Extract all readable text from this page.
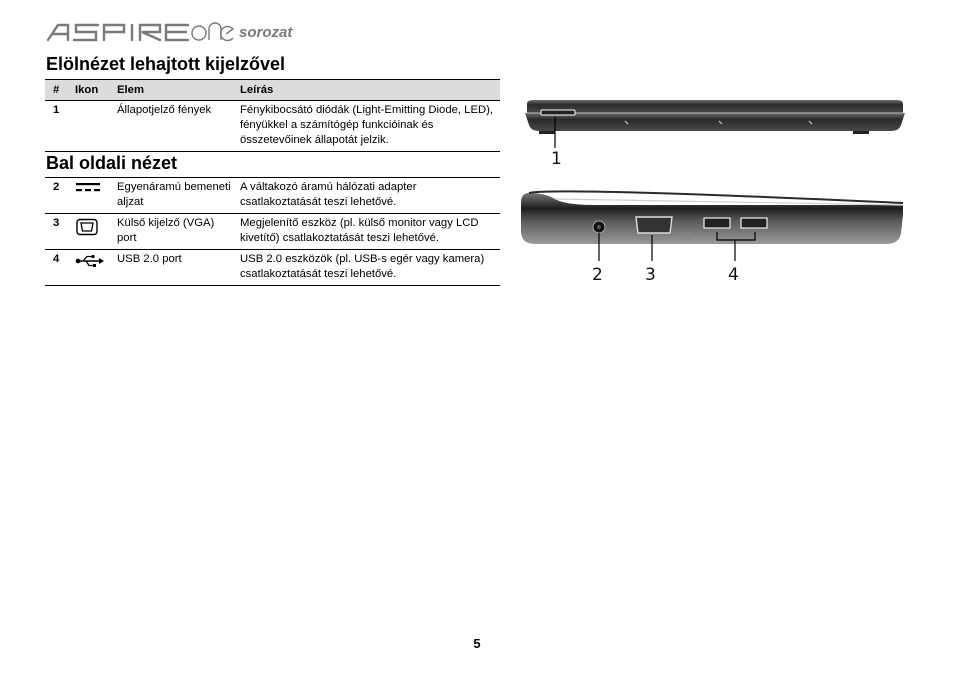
sorozat
Elölnézet lehajtott kijelzővel
#	Ikon	Elem	Leírás
1		Állapotjelző fények	Fénykibocsátó diódák (Light-Emitting Diode, LED), fényükkel a számítógép funkcióinak és összetevőinek állapotát jelzik.
Bal oldali nézet
2		Egyenáramú bemeneti aljzat	A váltakozó áramú hálózati adapter csatlakoztatását teszi lehetővé.
3		Külső kijelző (VGA) port	Megjelenítő eszköz (pl. külső monitor vagy LCD kivetítő) csatlakoztatását teszi lehetővé.
4		USB 2.0 port	USB 2.0 eszközök (pl. USB-s egér vagy kamera) csatlakoztatását teszi lehetővé.
1
2 3	4
5
